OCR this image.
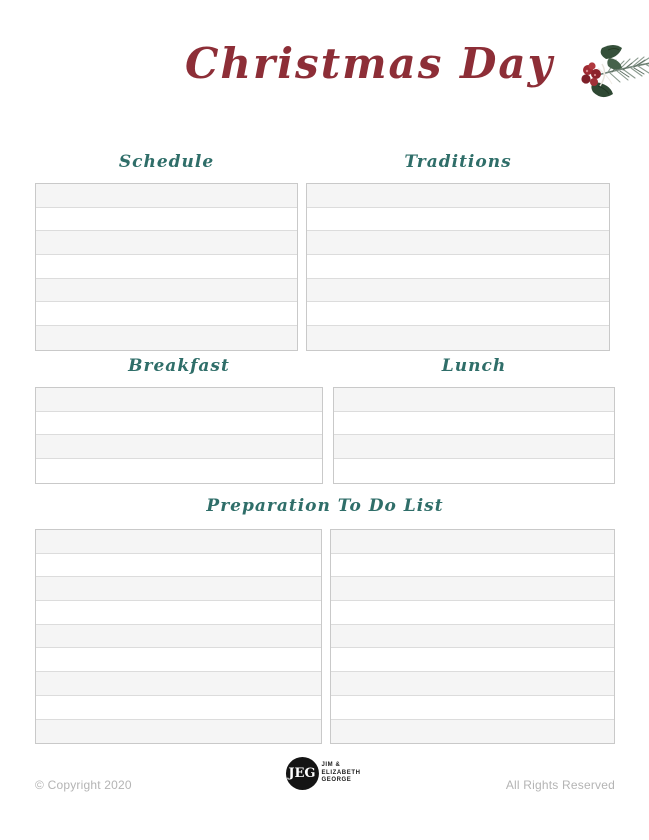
Christmas Day
Schedule	Traditions
Breakfast	Lunch
Preparation To Do List
© Copyright 2020
JEG
JIM &
ELIZABETH
GEORGE	All Rights Reserved
